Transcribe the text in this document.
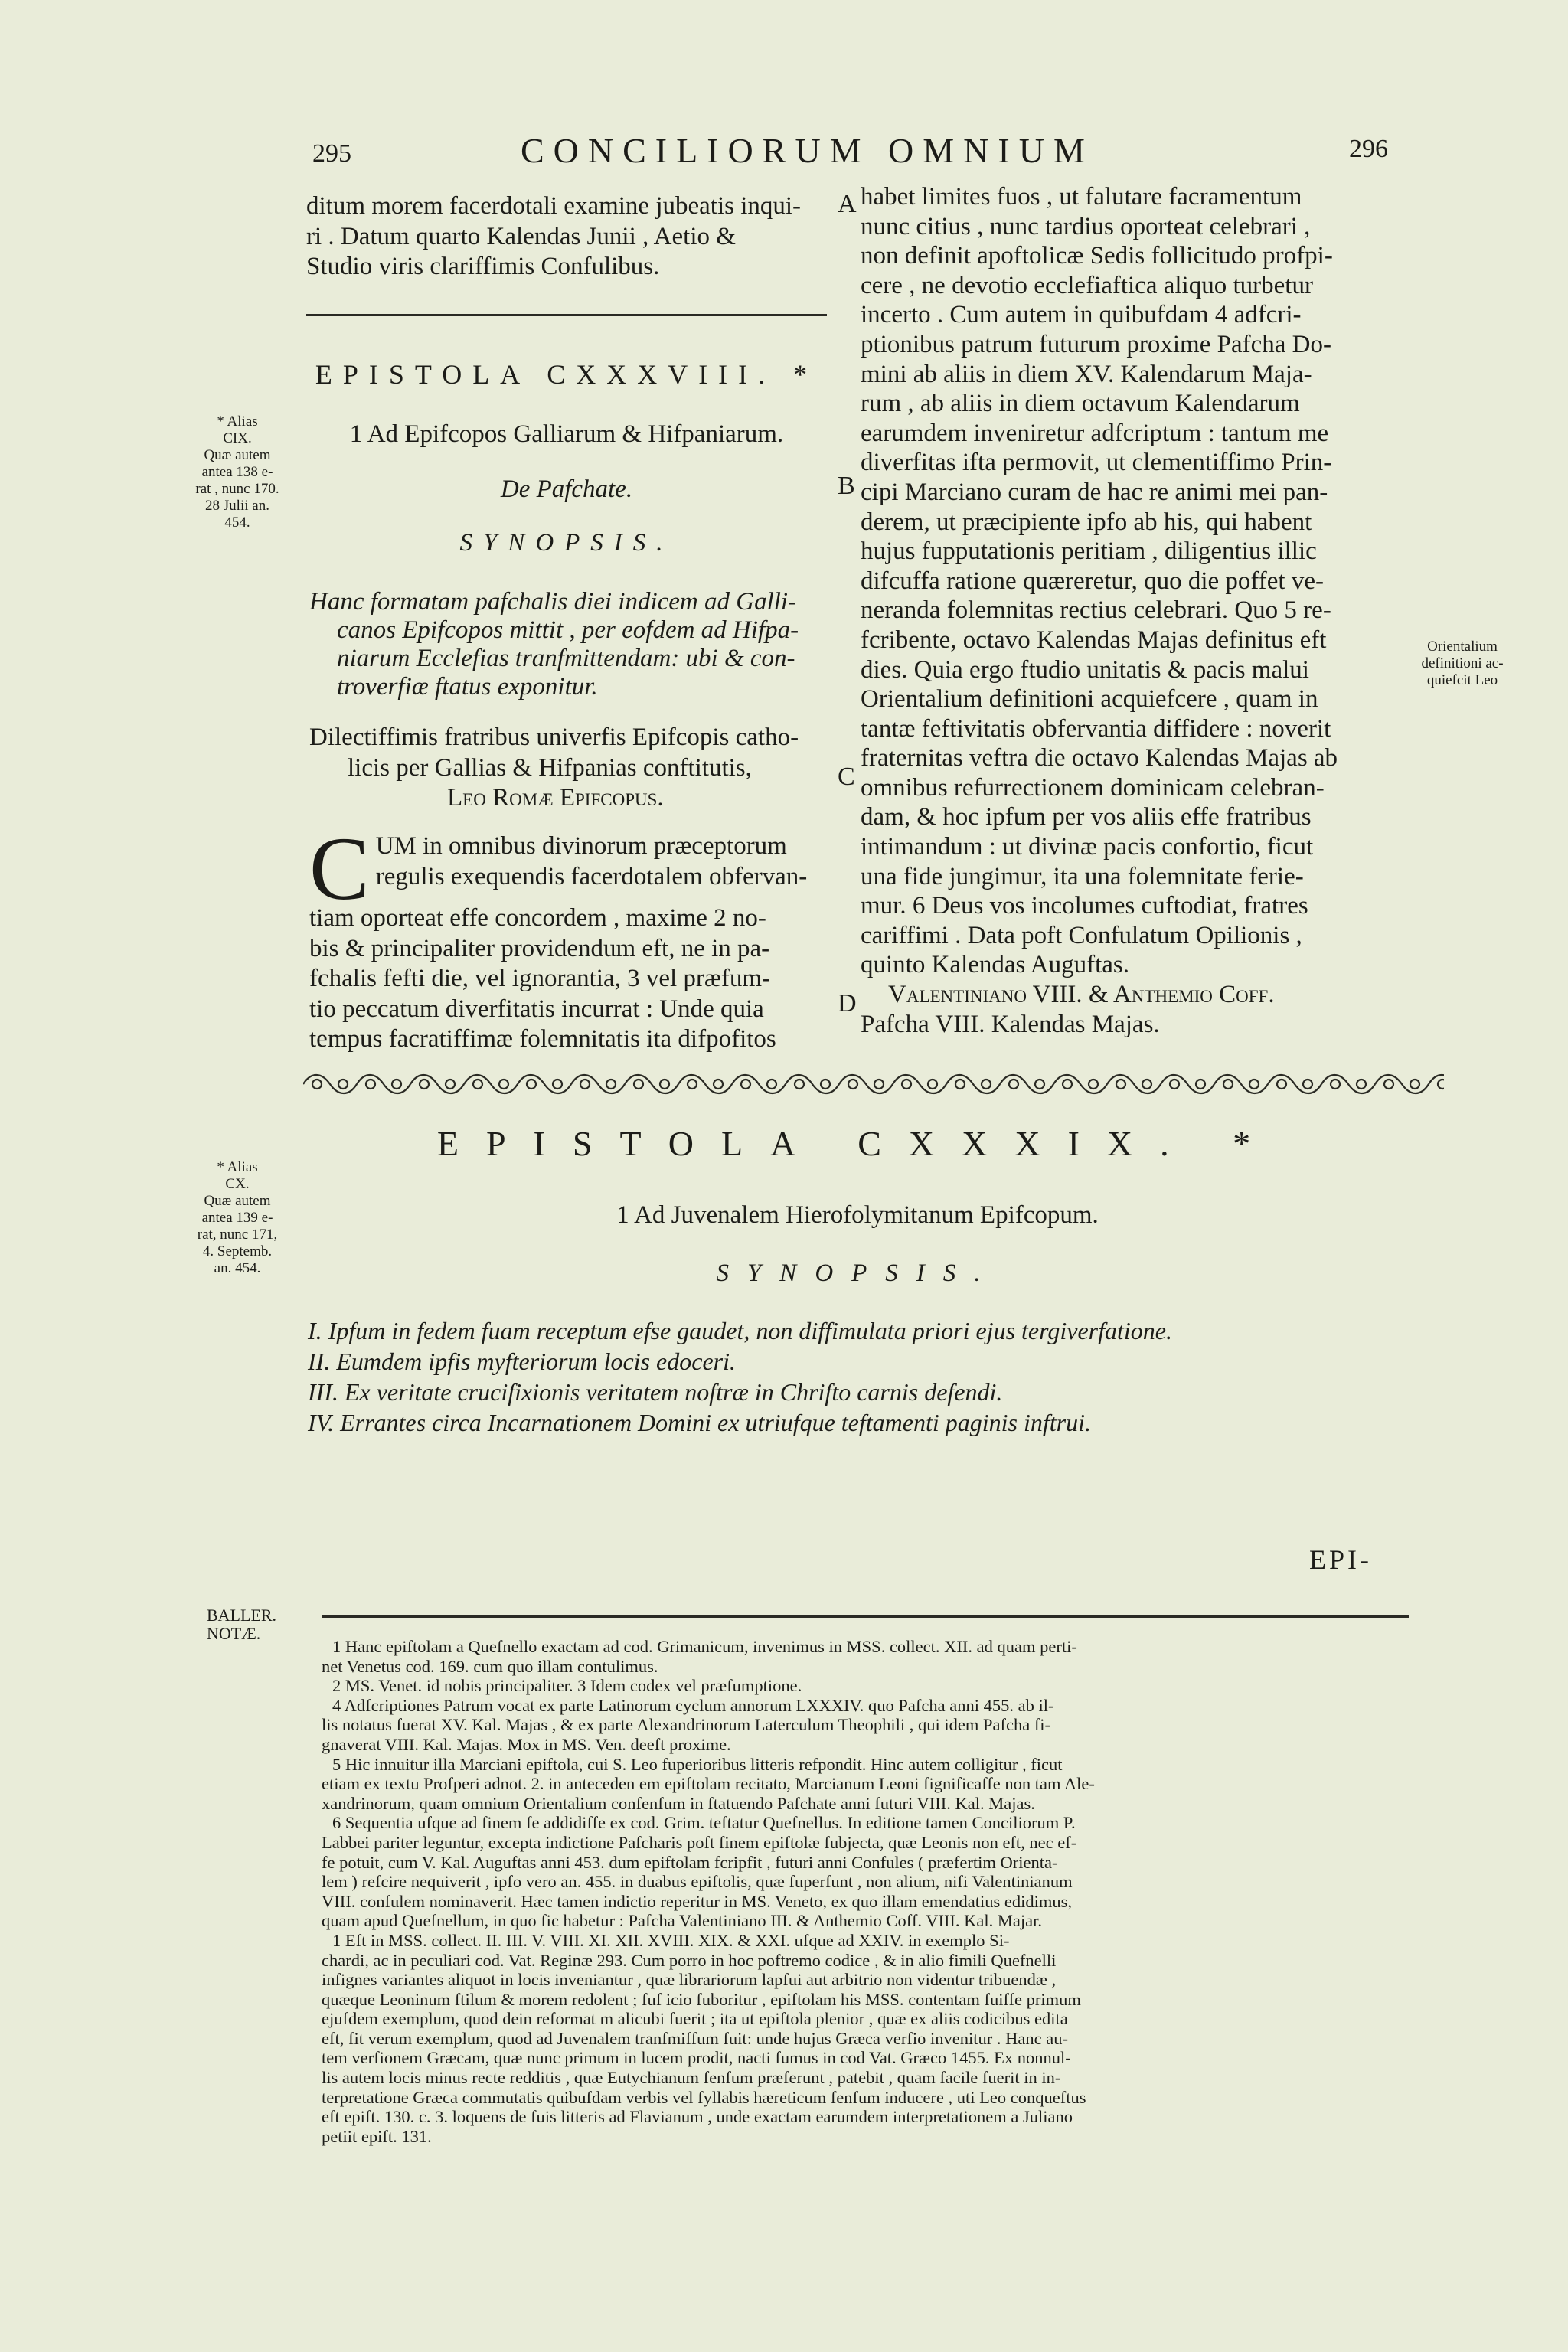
295	CONCILIORUM OMNIUM	296

ditum morem facerdotali examine jubeatis inqui-

ri . Datum quarto Kalendas Junii , Aetio &

Studio viris clariffimis Confulibus.

EPISTOLA CXXXVIII. *
1 Ad Epifcopos Galliarum & Hifpaniarum.
De Pafchate.
SYNOPSIS.

Hanc formatam pafchalis diei indicem ad Galli-

canos Epifcopos mittit , per eofdem ad Hifpa-

niarum Ecclefias tranfmittendam: ubi & con-

troverfiæ ftatus exponitur.

Dilectiffimis fratribus univerfis Epifcopis catho-

licis per Gallias & Hifpanias conftitutis,

Leo Romæ Epifcopus.

C UM in omnibus divinorum præceptorum

regulis exequendis facerdotalem obfervan-

tiam oporteat effe concordem , maxime 2 no-

bis & principaliter providendum eft, ne in pa-

fchalis fefti die, vel ignorantia, 3 vel præfum-

tio peccatum diverfitatis incurrat : Unde quia

tempus facratiffimæ folemnitatis ita difpofitos

A
B
C
D

habet limites fuos , ut falutare facramentum

nunc citius , nunc tardius oporteat celebrari ,

non definit apoftolicæ Sedis follicitudo profpi-

cere , ne devotio ecclefiaftica aliquo turbetur

incerto . Cum autem in quibufdam 4 adfcri-

ptionibus patrum futurum proxime Pafcha Do-

mini ab aliis in diem XV. Kalendarum Maja-

rum , ab aliis in diem octavum Kalendarum

earumdem inveniretur adfcriptum : tantum me

diverfitas ifta permovit, ut clementiffimo Prin-

cipi Marciano curam de hac re animi mei pan-

derem, ut præcipiente ipfo ab his, qui habent

hujus fupputationis peritiam , diligentius illic

difcuffa ratione quæreretur, quo die poffet ve-

neranda folemnitas rectius celebrari. Quo 5 re-

fcribente, octavo Kalendas Majas definitus eft

dies. Quia ergo ftudio unitatis & pacis malui

Orientalium definitioni acquiefcere , quam in

tantæ feftivitatis obfervantia diffidere : noverit

fraternitas veftra die octavo Kalendas Majas ab

omnibus refurrectionem dominicam celebran-

dam, & hoc ipfum per vos aliis effe fratribus

intimandum : ut divinæ pacis confortio, ficut

una fide jungimur, ita una folemnitate ferie-

mur. 6 Deus vos incolumes cuftodiat, fratres

cariffimi . Data poft Confulatum Opilionis ,

quinto Kalendas Auguftas.

Valentiniano VIII. & Anthemio Coff.

Pafcha VIII. Kalendas Majas.

* Alias
CIX.
Quæ autem
antea 138 e-
rat , nunc 170.
28 Julii an.
454.
Orientalium
definitioni ac-
quiefcit Leo
* Alias
CX.
Quæ autem
antea 139 e-
rat, nunc 171,
4. Septemb.
an. 454.
BALLER.
NOTÆ.
EPISTOLA CXXXIX. *
1 Ad Juvenalem Hierofolymitanum Epifcopum.
SYNOPSIS.

I. Ipfum in fedem fuam receptum efse gaudet, non diffimulata priori ejus tergiverfatione.

II. Eumdem ipfis myfteriorum locis edoceri.

III. Ex veritate crucifixionis veritatem noftræ in Chrifto carnis defendi.

IV. Errantes circa Incarnationem Domini ex utriufque teftamenti paginis inftrui.

EPI-

1 Hanc epiftolam a Quefnello exactam ad cod. Grimanicum, invenimus in MSS. collect. XII. ad quam perti-

net Venetus cod. 169. cum quo illam contulimus.

2 MS. Venet. id nobis principaliter. 3 Idem codex vel præfumptione.

4 Adfcriptiones Patrum vocat ex parte Latinorum cyclum annorum LXXXIV. quo Pafcha anni 455. ab il-

lis notatus fuerat XV. Kal. Majas , & ex parte Alexandrinorum Laterculum Theophili , qui idem Pafcha fi-

gnaverat VIII. Kal. Majas. Mox in MS. Ven. deeft proxime.

5 Hic innuitur illa Marciani epiftola, cui S. Leo fuperioribus litteris refpondit. Hinc autem colligitur , ficut

etiam ex textu Profperi adnot. 2. in anteceden em epiftolam recitato, Marcianum Leoni fignificaffe non tam Ale-

xandrinorum, quam omnium Orientalium confenfum in ftatuendo Pafchate anni futuri VIII. Kal. Majas.

6 Sequentia ufque ad finem fe addidiffe ex cod. Grim. teftatur Quefnellus. In editione tamen Conciliorum P.

Labbei pariter leguntur, excepta indictione Pafcharis poft finem epiftolæ fubjecta, quæ Leonis non eft, nec ef-

fe potuit, cum V. Kal. Auguftas anni 453. dum epiftolam fcripfit , futuri anni Confules ( præfertim Orienta-

lem ) refcire nequiverit , ipfo vero an. 455. in duabus epiftolis, quæ fuperfunt , non alium, nifi Valentinianum

VIII. confulem nominaverit. Hæc tamen indictio reperitur in MS. Veneto, ex quo illam emendatius edidimus,

quam apud Quefnellum, in quo fic habetur : Pafcha Valentiniano III. & Anthemio Coff. VIII. Kal. Majar.

1 Eft in MSS. collect. II. III. V. VIII. XI. XII. XVIII. XIX. & XXI. ufque ad XXIV. in exemplo Si-

chardi, ac in peculiari cod. Vat. Reginæ 293. Cum porro in hoc poftremo codice , & in alio fimili Quefnelli

infignes variantes aliquot in locis inveniantur , quæ librariorum lapfui aut arbitrio non videntur tribuendæ ,

quæque Leoninum ftilum & morem redolent ; fuf icio fuboritur , epiftolam his MSS. contentam fuiffe primum

ejufdem exemplum, quod dein reformat m alicubi fuerit ; ita ut epiftola plenior , quæ ex aliis codicibus edita

eft, fit verum exemplum, quod ad Juvenalem tranfmiffum fuit: unde hujus Græca verfio invenitur . Hanc au-

tem verfionem Græcam, quæ nunc primum in lucem prodit, nacti fumus in cod Vat. Græco 1455. Ex nonnul-

lis autem locis minus recte redditis , quæ Eutychianum fenfum præferunt , patebit , quam facile fuerit in in-

terpretatione Græca commutatis quibufdam verbis vel fyllabis hæreticum fenfum inducere , uti Leo conqueftus

eft epift. 130. c. 3. loquens de fuis litteris ad Flavianum , unde exactam earumdem interpretationem a Juliano

petiit epift. 131.
